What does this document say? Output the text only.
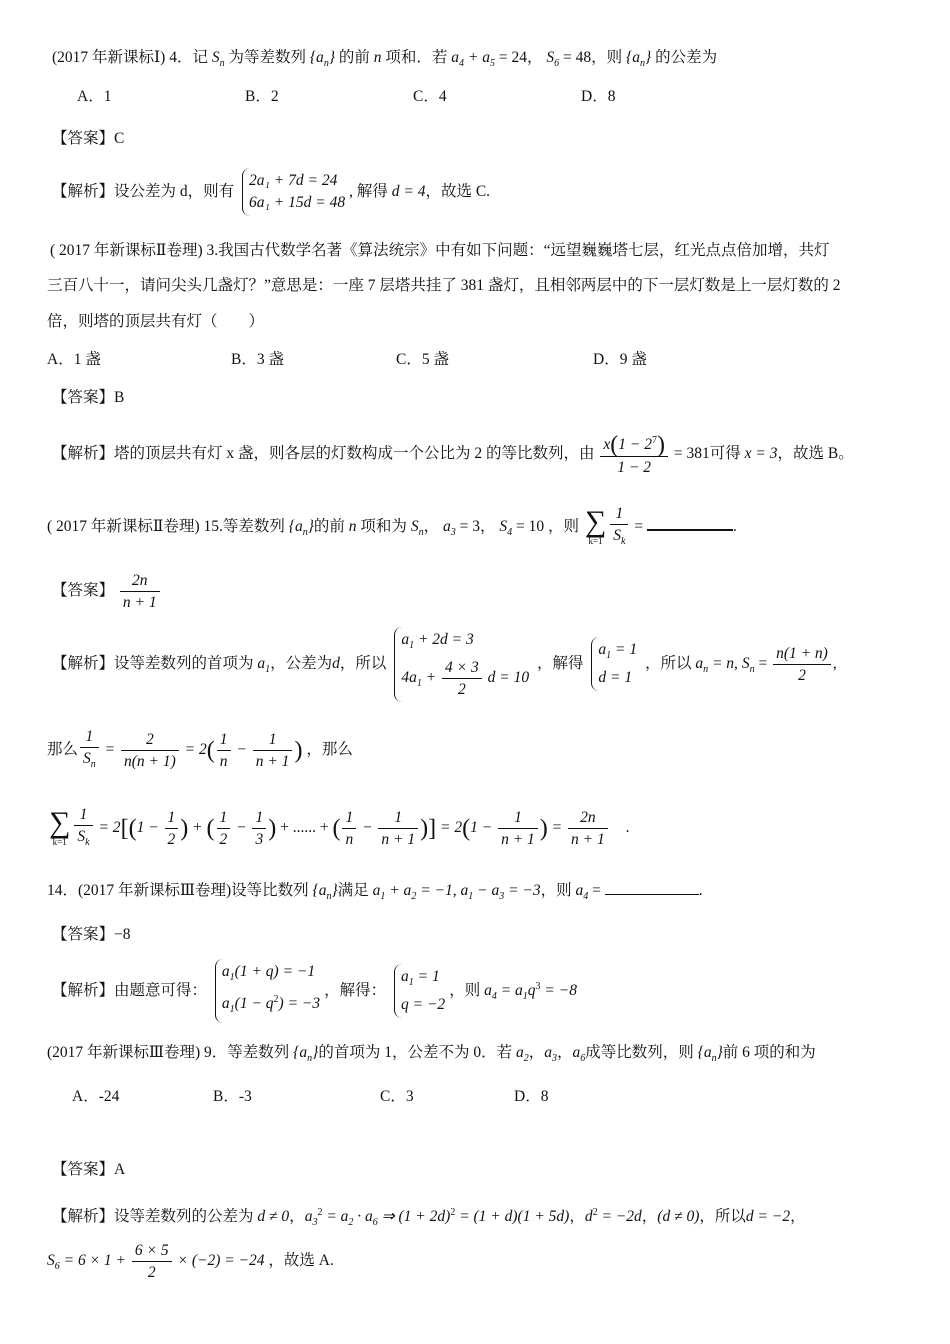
(2017 年新课标Ⅰ) 4．记 $S_n$ 为等差数列 $\{a_n\}$ 的前 n 项和．若 $a_4 + a_5 = 24$， $S_6 = 48$，则 $\{a_n\}$ 的公差为
A．1	B．2	C．4	D．8
【答案】C
【解析】设公差为 d，则有
2a₁ + 7d = 24
6a₁ + 15d = 48
, 解得 d = 4，故选 C.
( 2017 年新课标Ⅱ卷理) 3.我国古代数学名著《算法统宗》中有如下问题：“远望巍巍塔七层，红光点点倍加增，共灯
三百八十一，请问尖头几盏灯？”意思是：一座 7 层塔共挂了 381 盏灯，且相邻两层中的下一层灯数是上一层灯数的 2
倍，则塔的顶层共有灯（　　）
A．1 盏	B．3 盏	C．5 盏	D．9 盏
【答案】B
【解析】塔的顶层共有灯 x 盏，则各层的灯数构成一个公比为 2 的等比数列，由 $\frac{x(1 - 2^7)}{1 - 2} = 381$可得 x = 3，故选 B。
( 2017 年新课标Ⅱ卷理) 15.等差数列 $\{a_n\}$的前 n 项和为 $S_n$， $a_3 = 3$， $S_4 = 10$ ，则 ∑
$k=1 \frac{1}{S_k}$ =	.
【答案】 $\frac{2n}{n + 1}$
【解析】设等差数列的首项为 $a_1$，公差为d，所以
$a_1 + 2d = 3$
$4a_1 + \frac{4 \times 3}{2}$ d = 10
，解得
$a_1 = 1$
d = 1
，所以 $a_n = n$, $S_n = \frac{n(1 + n)}{2}$ ,
那么 $\frac{1}{S_n} = \frac{2}{n(n + 1)} = 2( \frac{1}{n} - \frac{1}{n + 1}$ ) ，那么
∑
$k=1 \frac{1}{S_k} = 2[(1 - \frac{1}{2}$ ) + ( $\frac{1}{2} - \frac{1}{3}$ ) + ...... + ( $\frac{1}{n} - \frac{1}{n + 1}$ )] = $2(1 - \frac{1}{n + 1}$ ) = $\frac{2n}{n + 1}$ .
14．(2017 年新课标Ⅲ卷理)设等比数列 $\{a_n\}$满足 $a_1 + a_2 = -1$, $a_1 - a_3 = -3$，则 $a_4$ =	.
【答案】−8
【解析】由题意可得：
$a_1(1 + q) = -1$
$a_1(1 - q^2) = -3$
，解得：
$a_1 = 1$
q = −2
，则 $a_4 = a_1q^3 = -8$
(2017 年新课标Ⅲ卷理) 9．等差数列 $\{a_n\}$的首项为 1，公差不为 0．若 $a_2$，$a_3$，$a_6$成等比数列，则 $\{a_n\}$前 6 项的和为
A．-24	B．-3	C．3	D．8
【答案】A
【解析】设等差数列的公差为 d ≠ 0，$a_3^2 = a_2 \cdot a_6$ ⇒ $(1 + 2d)^2 = (1 + d)(1 + 5d)$，$d^2 = -2d$，(d ≠ 0)，所以d = −2，
$S_6 = 6 \times 1 + \frac{6 \times 5}{2} \times (-2) = -24$ ，故选 A.
